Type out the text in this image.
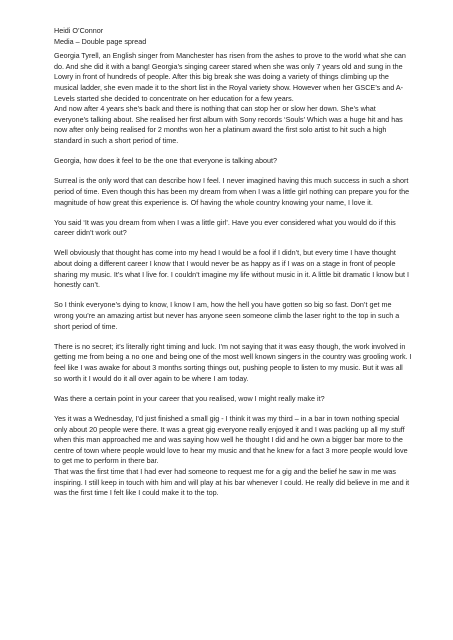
Heidi O’Connor

Media – Double page spread

Georgia Tyrell, an English singer from Manchester has risen from the ashes to prove to the world what she can do. And she did it with a bang! Georgia’s singing career stared when she was only 7 years old and sung in the Lowry in front of hundreds of people. After this big break she was doing a variety of things climbing up the musical ladder, she even made it to the short list in the Royal variety show. However when her GSCE’s and A-Levels started she decided to concentrate on her education for a few years.

And now after 4 years she’s back and there is nothing that can stop her or slow her down. She’s what everyone’s talking about. She realised her first album with Sony records ‘Souls’ Which was a huge hit and has now after only being realised for 2 months won her a platinum award the first solo artist to hit such a high standard in such a short period of time.

Georgia, how does it feel to be the one that everyone is talking about?

Surreal is the only word that can describe how I feel. I never imagined having this much success in such a short period of time. Even though this has been my dream from when I was a little girl nothing can prepare you for the magnitude of how great this experience is. Of having the whole country knowing your name, I love it.

You said ‘It was you dream from when I was a little girl’. Have you ever considered what you would do if this career didn’t work out?

Well obviously that thought has come into my head I would be a fool if I didn’t, but every time I have thought about doing a different career I know that I would never be as happy as if I was on a stage in front of people sharing my music. It’s what I live for. I couldn’t imagine my life without music in it. A little bit dramatic I know but I honestly can’t.

So I think everyone’s dying to know, I know I am, how the hell you have gotten so big so fast. Don’t get me wrong you’re an amazing artist but never has anyone seen someone climb the laser right to the top in such a short period of time.

There is no secret; it’s literally right timing and luck. I’m not saying that it was easy though, the work involved in getting me from being a no one and being one of the most well known singers in the country was grooling work. I feel like I was awake for about 3 months sorting things out, pushing people to listen to my music. But it was all so worth it I would do it all over again to be where I am today.

Was there a certain point in your career that you realised, wow I might really make it?

Yes it was a Wednesday, I’d just finished a small gig - I think it was my third – in a bar in town nothing special only about 20 people were there. It was a great gig everyone really enjoyed it and I was packing up all my stuff when this man approached me and was saying how well he thought I did and he own a bigger bar more to the centre of town where people would love to hear my music and that he knew for a fact 3 more people would love to get me to perform in there bar.

That was the first time that I had ever had someone to request me for a gig and the belief he saw in me was inspiring. I still keep in touch with him and will play at his bar whenever I could. He really did believe in me and it was the first time I felt like I could make it to the top.
